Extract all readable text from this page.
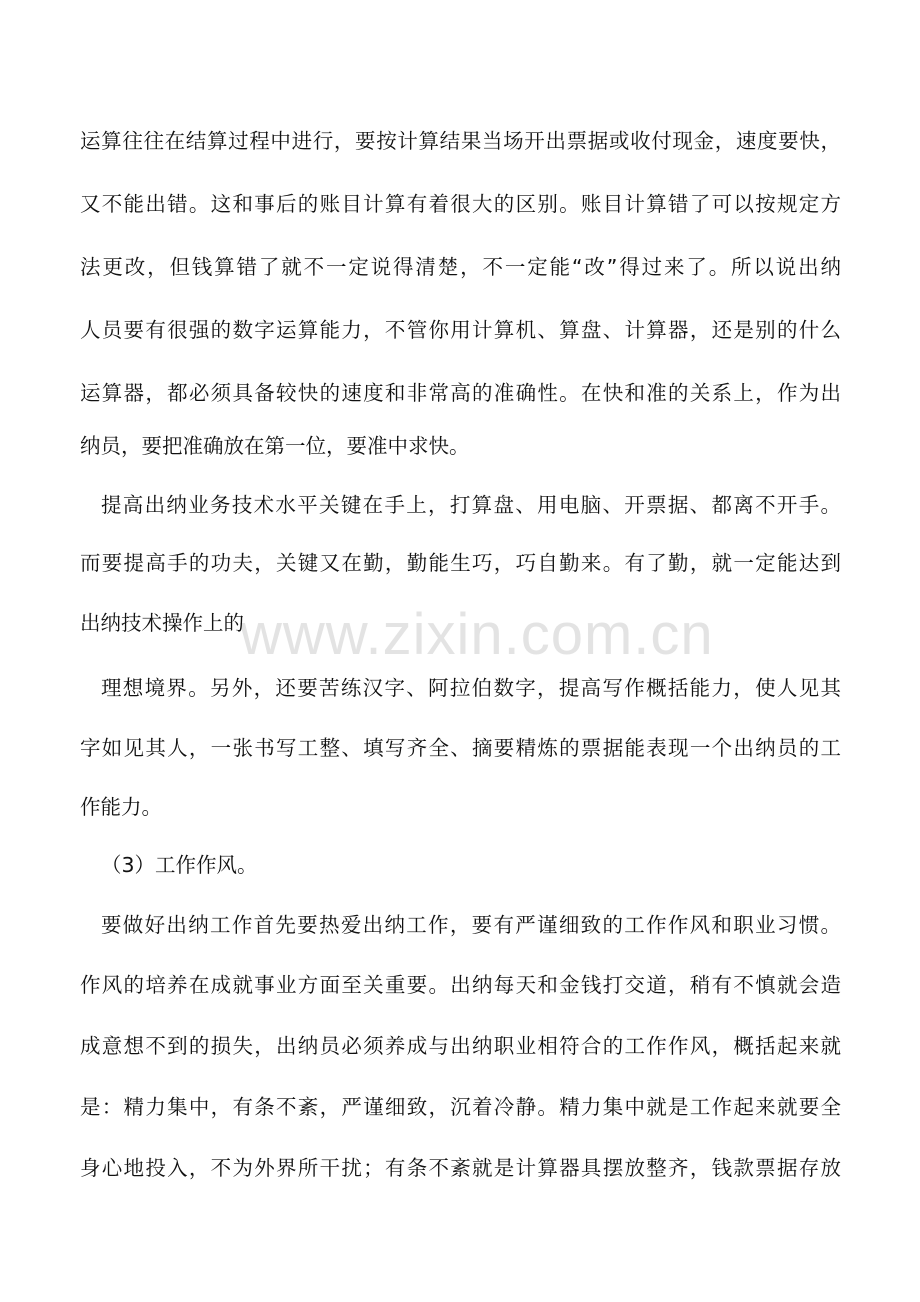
www.zixin.com.cn
运算往往在结算过程中进行，要按计算结果当场开出票据或收付现金，速度要快，
又不能出错。这和事后的账目计算有着很大的区别。账目计算错了可以按规定方
法更改，但钱算错了就不一定说得清楚，不一定能“改”得过来了。所以说出纳
人员要有很强的数字运算能力，不管你用计算机、算盘、计算器，还是别的什么
运算器，都必须具备较快的速度和非常高的准确性。在快和准的关系上，作为出
纳员，要把准确放在第一位，要准中求快。
提高出纳业务技术水平关键在手上，打算盘、用电脑、开票据、都离不开手。
而要提高手的功夫，关键又在勤，勤能生巧，巧自勤来。有了勤，就一定能达到
出纳技术操作上的
理想境界。另外，还要苦练汉字、阿拉伯数字，提高写作概括能力，使人见其
字如见其人，一张书写工整、填写齐全、摘要精炼的票据能表现一个出纳员的工
作能力。
（3）工作作风。
要做好出纳工作首先要热爱出纳工作，要有严谨细致的工作作风和职业习惯。
作风的培养在成就事业方面至关重要。出纳每天和金钱打交道，稍有不慎就会造
成意想不到的损失，出纳员必须养成与出纳职业相符合的工作作风，概括起来就
是：精力集中，有条不紊，严谨细致，沉着冷静。精力集中就是工作起来就要全
身心地投入，不为外界所干扰；有条不紊就是计算器具摆放整齐，钱款票据存放
